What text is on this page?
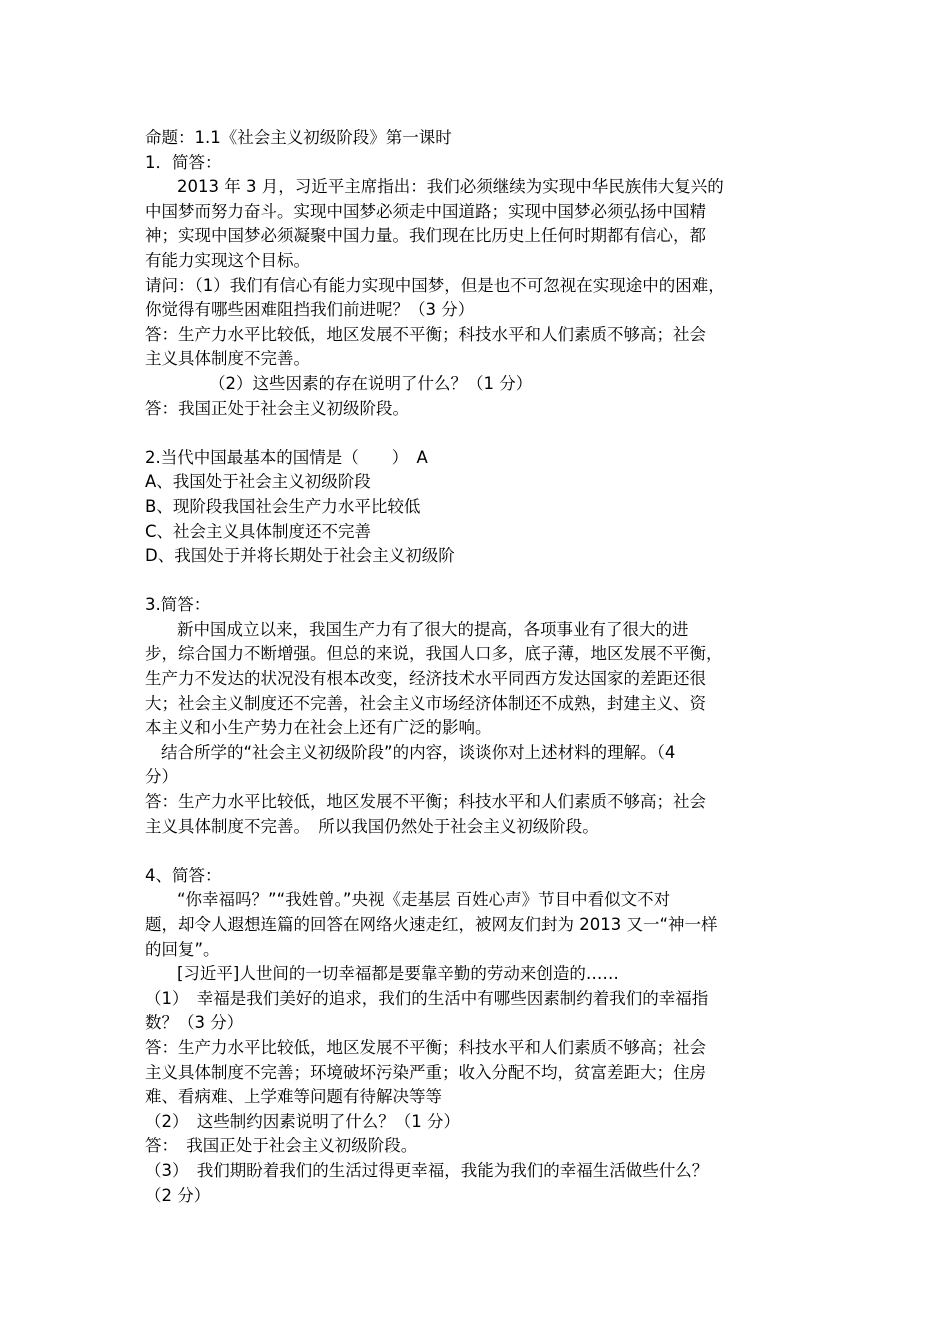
命题：1.1《社会主义初级阶段》第一课时
1．简答：
2013 年 3 月，习近平主席指出：我们必须继续为实现中华民族伟大复兴的
中国梦而努力奋斗。实现中国梦必须走中国道路；实现中国梦必须弘扬中国精
神；实现中国梦必须凝聚中国力量。我们现在比历史上任何时期都有信心，都
有能力实现这个目标。
请问：（1）我们有信心有能力实现中国梦，但是也不可忽视在实现途中的困难，
你觉得有哪些困难阻挡我们前进呢？（3 分）
答：生产力水平比较低，地区发展不平衡；科技水平和人们素质不够高；社会
主义具体制度不完善。
（2）这些因素的存在说明了什么？（1 分）
答：我国正处于社会主义初级阶段。
2.当代中国最基本的国情是（　　）　A
A、我国处于社会主义初级阶段
B、现阶段我国社会生产力水平比较低
C、社会主义具体制度还不完善
D、我国处于并将长期处于社会主义初级阶
3.简答：
新中国成立以来，我国生产力有了很大的提高，各项事业有了很大的进
步，综合国力不断增强。但总的来说，我国人口多，底子薄，地区发展不平衡，
生产力不发达的状况没有根本改变，经济技术水平同西方发达国家的差距还很
大；社会主义制度还不完善，社会主义市场经济体制还不成熟，封建主义、资
本主义和小生产势力在社会上还有广泛的影响。
结合所学的“社会主义初级阶段”的内容，谈谈你对上述材料的理解。（4
分）
答：生产力水平比较低，地区发展不平衡；科技水平和人们素质不够高；社会
主义具体制度不完善。　所以我国仍然处于社会主义初级阶段。
4、简答：
“你幸福吗？”“我姓曾。”央视《走基层 百姓心声》节目中看似文不对
题，却令人遐想连篇的回答在网络火速走红，被网友们封为 2013 又一“神一样
的回复”。
[习近平]人世间的一切幸福都是要靠辛勤的劳动来创造的……
（1）　幸福是我们美好的追求，我们的生活中有哪些因素制约着我们的幸福指
数？（3 分）
答：生产力水平比较低，地区发展不平衡；科技水平和人们素质不够高；社会
主义具体制度不完善；环境破坏污染严重；收入分配不均，贫富差距大；住房
难、看病难、上学难等问题有待解决等等
（2）　这些制约因素说明了什么？（1 分）
答：　我国正处于社会主义初级阶段。
（3）　我们期盼着我们的生活过得更幸福，我能为我们的幸福生活做些什么？
（2 分）
